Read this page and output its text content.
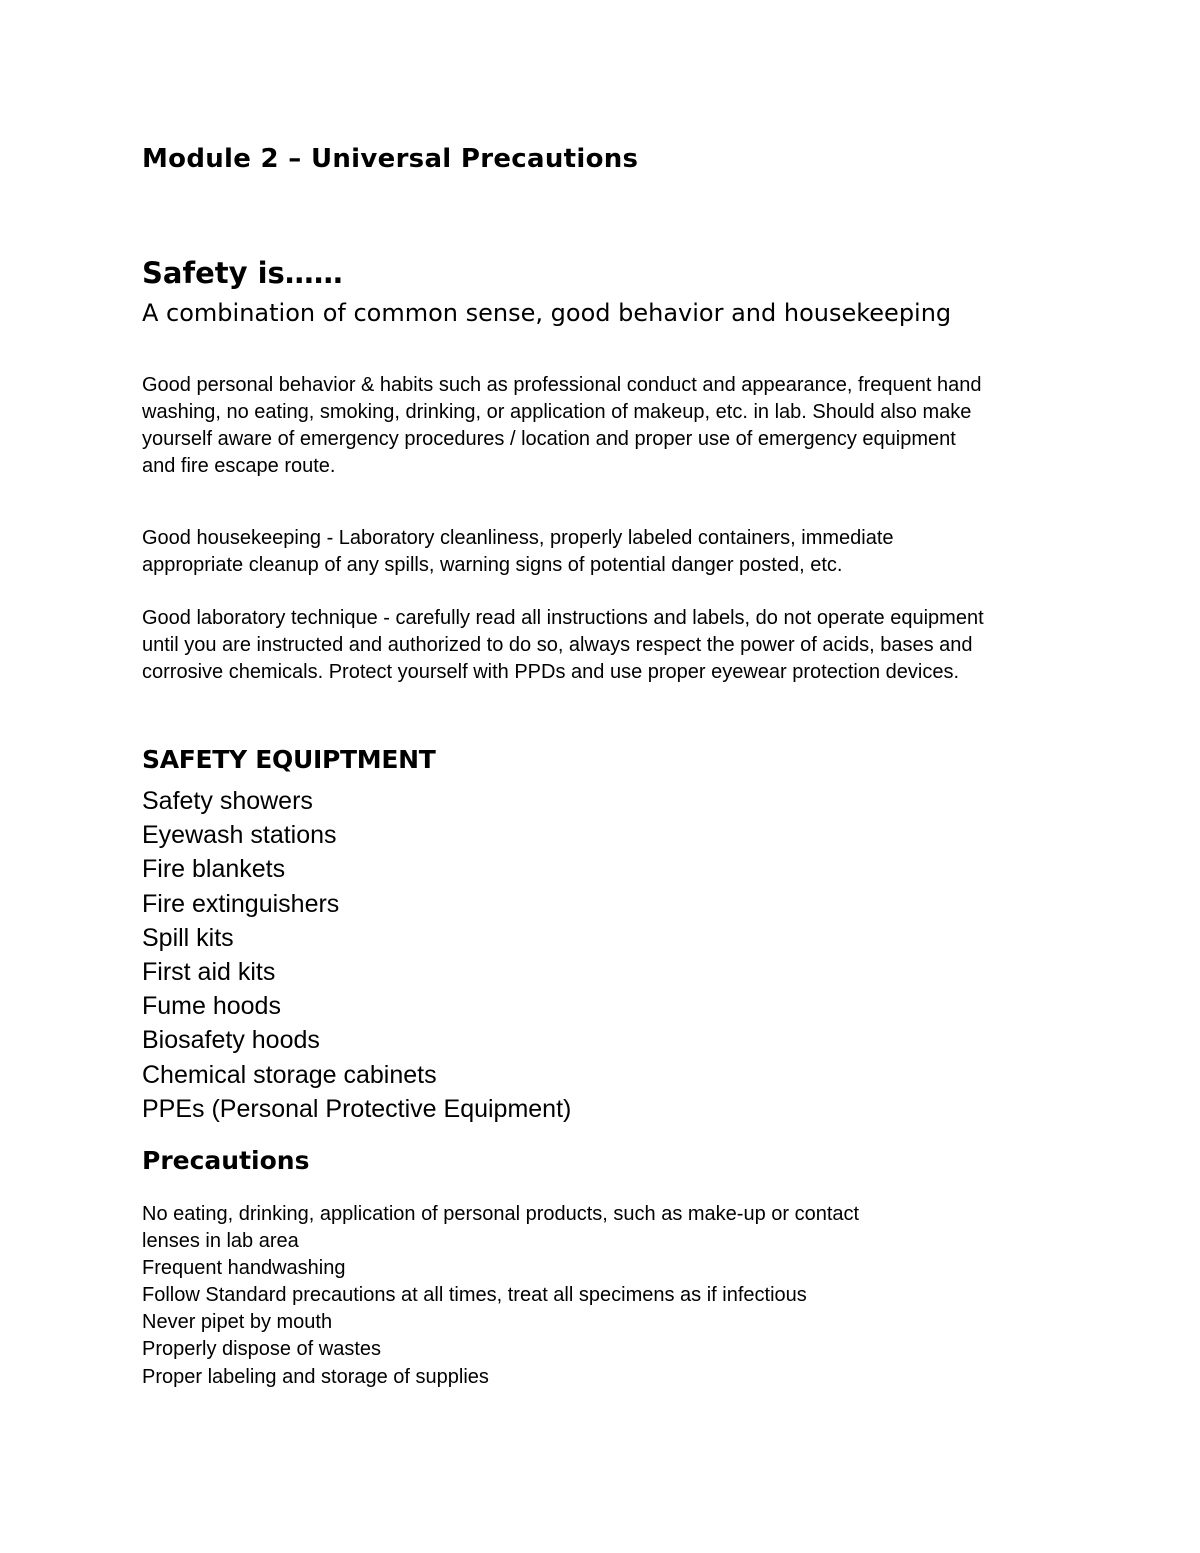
Module 2 – Universal Precautions
Safety is……
A combination of common sense, good behavior and housekeeping
Good personal behavior & habits such as professional conduct and appearance, frequent hand
washing, no eating, smoking, drinking, or application of makeup, etc. in lab. Should also make
yourself aware of emergency procedures / location and proper use of emergency equipment
and fire escape route.
Good housekeeping - Laboratory cleanliness, properly labeled containers, immediate
appropriate cleanup of any spills, warning signs of potential danger posted, etc.
Good laboratory technique - carefully read all instructions and labels, do not operate equipment
until you are instructed and authorized to do so, always respect the power of acids, bases and
corrosive chemicals. Protect yourself with PPDs and use proper eyewear protection devices.
SAFETY EQUIPTMENT
Safety showers
Eyewash stations
Fire blankets
Fire extinguishers
Spill kits
First aid kits
Fume hoods
Biosafety hoods
Chemical storage cabinets
PPEs (Personal Protective Equipment)
Precautions
No eating, drinking, application of personal products, such as make-up or contact
lenses in lab area
Frequent handwashing
Follow Standard precautions at all times, treat all specimens as if infectious
Never pipet by mouth
Properly dispose of wastes
Proper labeling and storage of supplies
